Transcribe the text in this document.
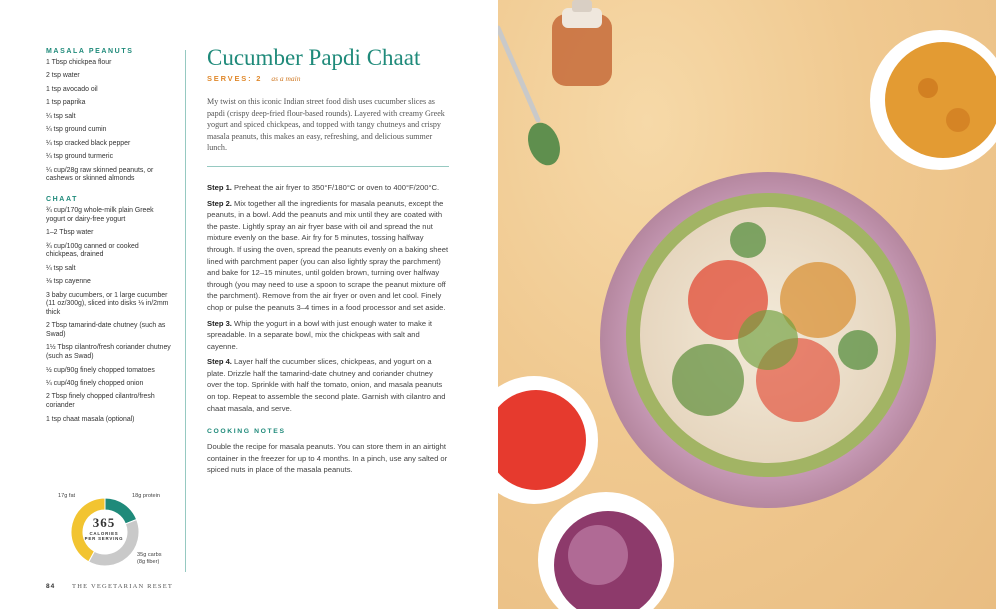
MASALA PEANUTS
1 Tbsp chickpea flour
2 tsp water
1 tsp avocado oil
1 tsp paprika
¼ tsp salt
¼ tsp ground cumin
¼ tsp cracked black pepper
¼ tsp ground turmeric
¼ cup/28g raw skinned peanuts, or cashews or skinned almonds
CHAAT
¾ cup/170g whole-milk plain Greek yogurt or dairy-free yogurt
1–2 Tbsp water
¾ cup/100g canned or cooked chickpeas, drained
¼ tsp salt
⅛ tsp cayenne
3 baby cucumbers, or 1 large cucumber (11 oz/300g), sliced into disks ⅛ in/2mm thick
2 Tbsp tamarind-date chutney (such as Swad)
1½ Tbsp cilantro/fresh coriander chutney (such as Swad)
½ cup/90g finely chopped tomatoes
¼ cup/40g finely chopped onion
2 Tbsp finely chopped cilantro/fresh coriander
1 tsp chaat masala (optional)
17g fat	18g protein
35g carbs
(8g fiber)
365
CALORIES
PER SERVING
84	THE VEGETARIAN RESET
Cucumber Papdi Chaat
SERVES: 2 as a main
My twist on this iconic Indian street food dish uses cucumber slices as papdi (crispy deep-fried flour-based rounds). Layered with creamy Greek yogurt and spiced chickpeas, and topped with tangy chutneys and crispy masala peanuts, this makes an easy, refreshing, and delicious summer lunch.
Step 1. Preheat the air fryer to 350°F/180°C or oven to 400°F/200°C.
Step 2. Mix together all the ingredients for masala peanuts, except the peanuts, in a bowl. Add the peanuts and mix until they are coated with the paste. Lightly spray an air fryer base with oil and spread the nut mixture evenly on the base. Air fry for 5 minutes, tossing halfway through. If using the oven, spread the peanuts evenly on a baking sheet lined with parchment paper (you can also lightly spray the parchment) and bake for 12–15 minutes, until golden brown, turning over halfway through (you may need to use a spoon to scrape the peanut mixture off the parchment). Remove from the air fryer or oven and let cool. Finely chop or pulse the peanuts 3–4 times in a food processor and set aside.
Step 3. Whip the yogurt in a bowl with just enough water to make it spreadable. In a separate bowl, mix the chickpeas with salt and cayenne.
Step 4. Layer half the cucumber slices, chickpeas, and yogurt on a plate. Drizzle half the tamarind-date chutney and coriander chutney over the top. Sprinkle with half the tomato, onion, and masala peanuts on top. Repeat to assemble the second plate. Garnish with cilantro and chaat masala, and serve.
COOKING NOTES
Double the recipe for masala peanuts. You can store them in an airtight container in the freezer for up to 4 months. In a pinch, use any salted or spiced nuts in place of the masala peanuts.
